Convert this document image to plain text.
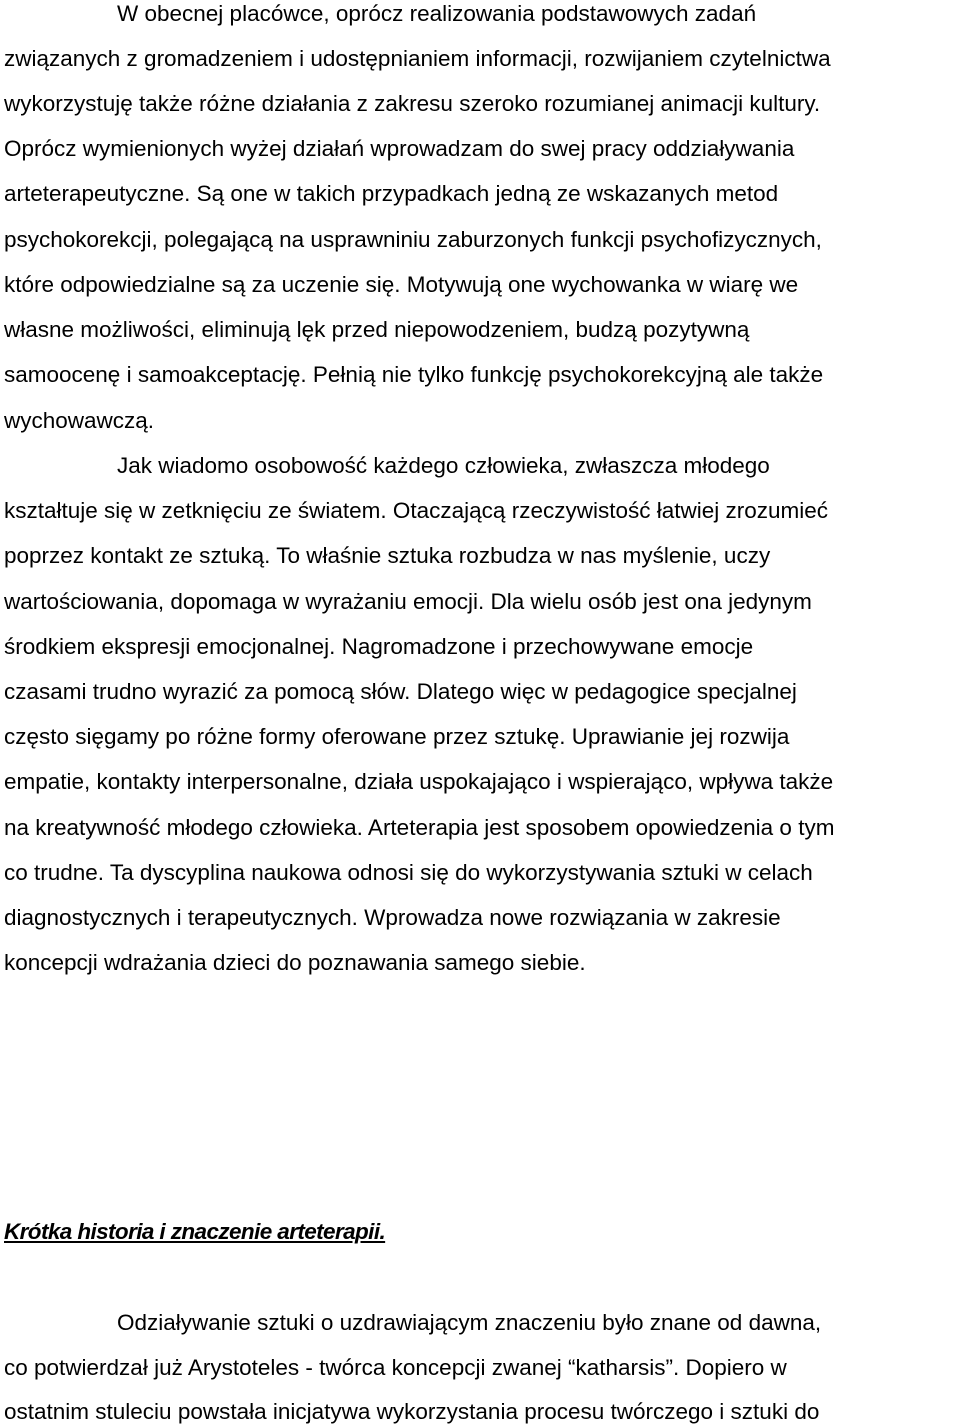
W obecnej placówce, oprócz realizowania podstawowych zadań

związanych z gromadzeniem i udostępnianiem informacji, rozwijaniem czytelnictwa

wykorzystuję także różne działania z zakresu szeroko rozumianej animacji kultury.

Oprócz wymienionych wyżej działań wprowadzam do swej pracy oddziaływania

arteterapeutyczne. Są one w takich przypadkach jedną ze wskazanych metod

psychokorekcji, polegającą na usprawniniu zaburzonych funkcji psychofizycznych,

które odpowiedzialne są za uczenie się. Motywują one wychowanka w wiarę we

własne możliwości, eliminują lęk przed niepowodzeniem, budzą pozytywną

samoocenę i samoakceptację. Pełnią nie tylko funkcję psychokorekcyjną ale także

wychowawczą.

Jak wiadomo osobowość każdego człowieka, zwłaszcza młodego

kształtuje się w zetknięciu ze światem. Otaczającą rzeczywistość łatwiej zrozumieć

poprzez kontakt ze sztuką. To właśnie sztuka rozbudza w nas myślenie, uczy

wartościowania, dopomaga w wyrażaniu emocji. Dla wielu osób jest ona jedynym

środkiem ekspresji emocjonalnej. Nagromadzone i przechowywane emocje

czasami trudno wyrazić za pomocą słów. Dlatego więc w pedagogice specjalnej

często sięgamy po różne formy oferowane przez sztukę. Uprawianie jej rozwija

empatie, kontakty interpersonalne, działa uspokajająco i wspierająco, wpływa także

na kreatywność młodego człowieka. Arteterapia jest sposobem opowiedzenia o tym

co trudne. Ta dyscyplina naukowa odnosi się do wykorzystywania sztuki w celach

diagnostycznych i terapeutycznych. Wprowadza nowe rozwiązania w zakresie

koncepcji wdrażania dzieci do poznawania samego siebie.

Krótka historia i znaczenie arteterapii.

Odziaływanie sztuki o uzdrawiającym znaczeniu było znane od dawna,

co potwierdzał już Arystoteles - twórca koncepcji zwanej “katharsis”. Dopiero w

ostatnim stuleciu powstała inicjatywa wykorzystania procesu twórczego i sztuki do
